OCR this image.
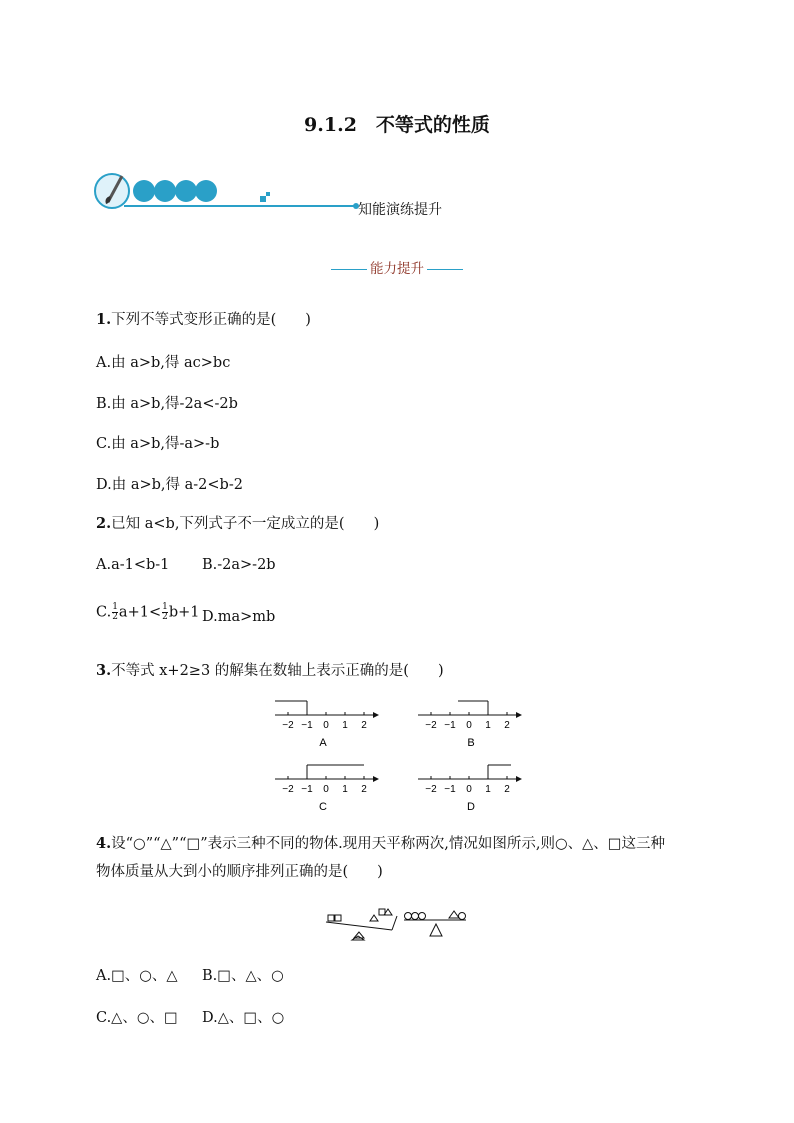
9.1.2　不等式的性质
知能演练提升
能力提升
1.下列不等式变形正确的是(　　)
A.由 a>b,得 ac>bc
B.由 a>b,得-2a<-2b
C.由 a>b,得-a>-b
D.由 a>b,得 a-2<b-2
2.已知 a<b,下列式子不一定成立的是(　　)
A.a-1<b-1 B.-2a>-2b
C. $\frac{1}{2} a+1< \frac{1}{2} b+1$ D.ma>mb
3.不等式 x+2≥3 的解集在数轴上表示正确的是(　　)
−2 −1 0 1 2
A
−2 −1 0 1 2
B
−2 −1 0 1 2
C
−2 −1 0 1 2
D
4.设“○”“△”“□”表示三种不同的物体.现用天平称两次,情况如图所示,则○、△、□这三种
物体质量从大到小的顺序排列正确的是(　　)
A.□、○、△ B.□、△、○
C.△、○、□ D.△、□、○
